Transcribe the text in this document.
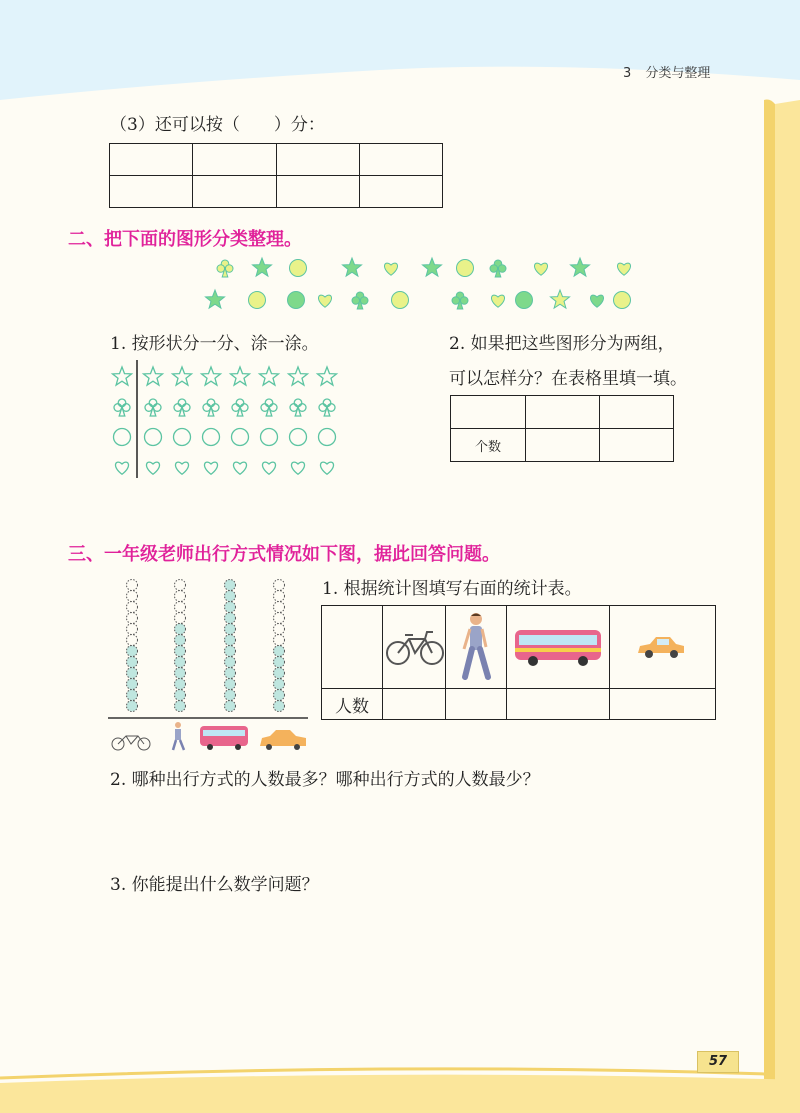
3 分类与整理
（3）还可以按（　　）分：

二、把下面的图形分类整理。
1. 按形状分一分、涂一涂。	2. 如果把这些图形分为两组，
可以怎样分？在表格里填一填。

个数		
三、一年级老师出行方式情况如下图，据此回答问题。
1. 根据统计图填写右面的统计表。

人数				
2. 哪种出行方式的人数最多？哪种出行方式的人数最少？
3. 你能提出什么数学问题？
57
